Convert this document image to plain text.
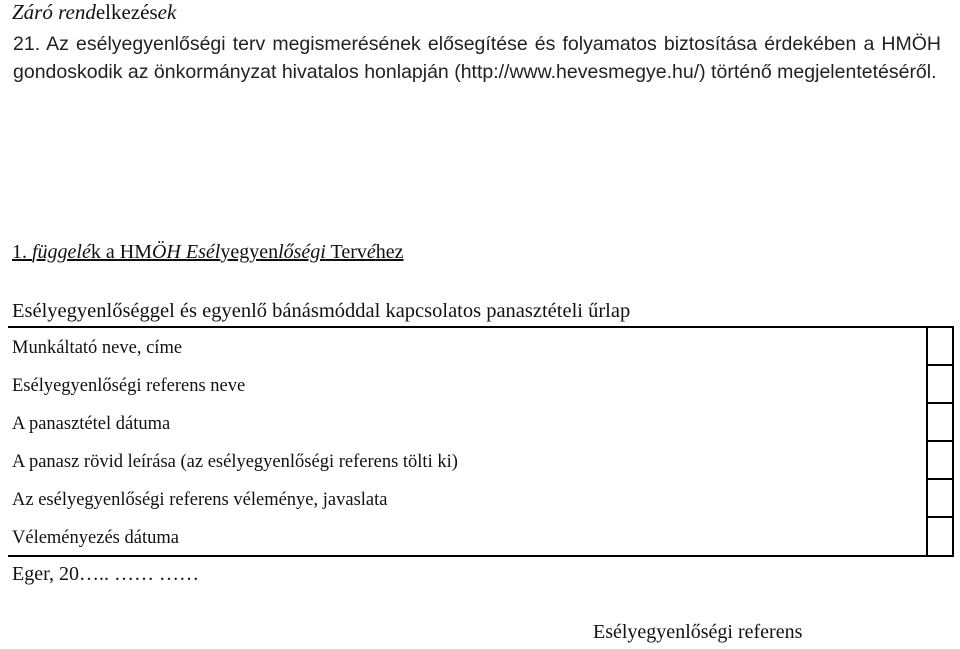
Záró rendelkezések
21. Az esélyegyenlőségi terv megismerésének elősegítése és folyamatos biztosítása érdekében a HMÖH gondoskodik az önkormányzat hivatalos honlapján (http://www.hevesmegye.hu/) történő megjelentetéséről.
1. függelék a HMÖH Esélyegyenlőségi Tervéhez
Esélyegyenlőséggel és egyenlő bánásmóddal kapcsolatos panasztételi űrlap
Munkáltató neve, címe
Esélyegyenlőségi referens neve
A panasztétel dátuma
A panasz rövid leírása (az esélyegyenlőségi referens tölti ki)
Az esélyegyenlőségi referens véleménye, javaslata
Véleményezés dátuma
Eger, 20….. …… ……
Esélyegyenlőségi referens
